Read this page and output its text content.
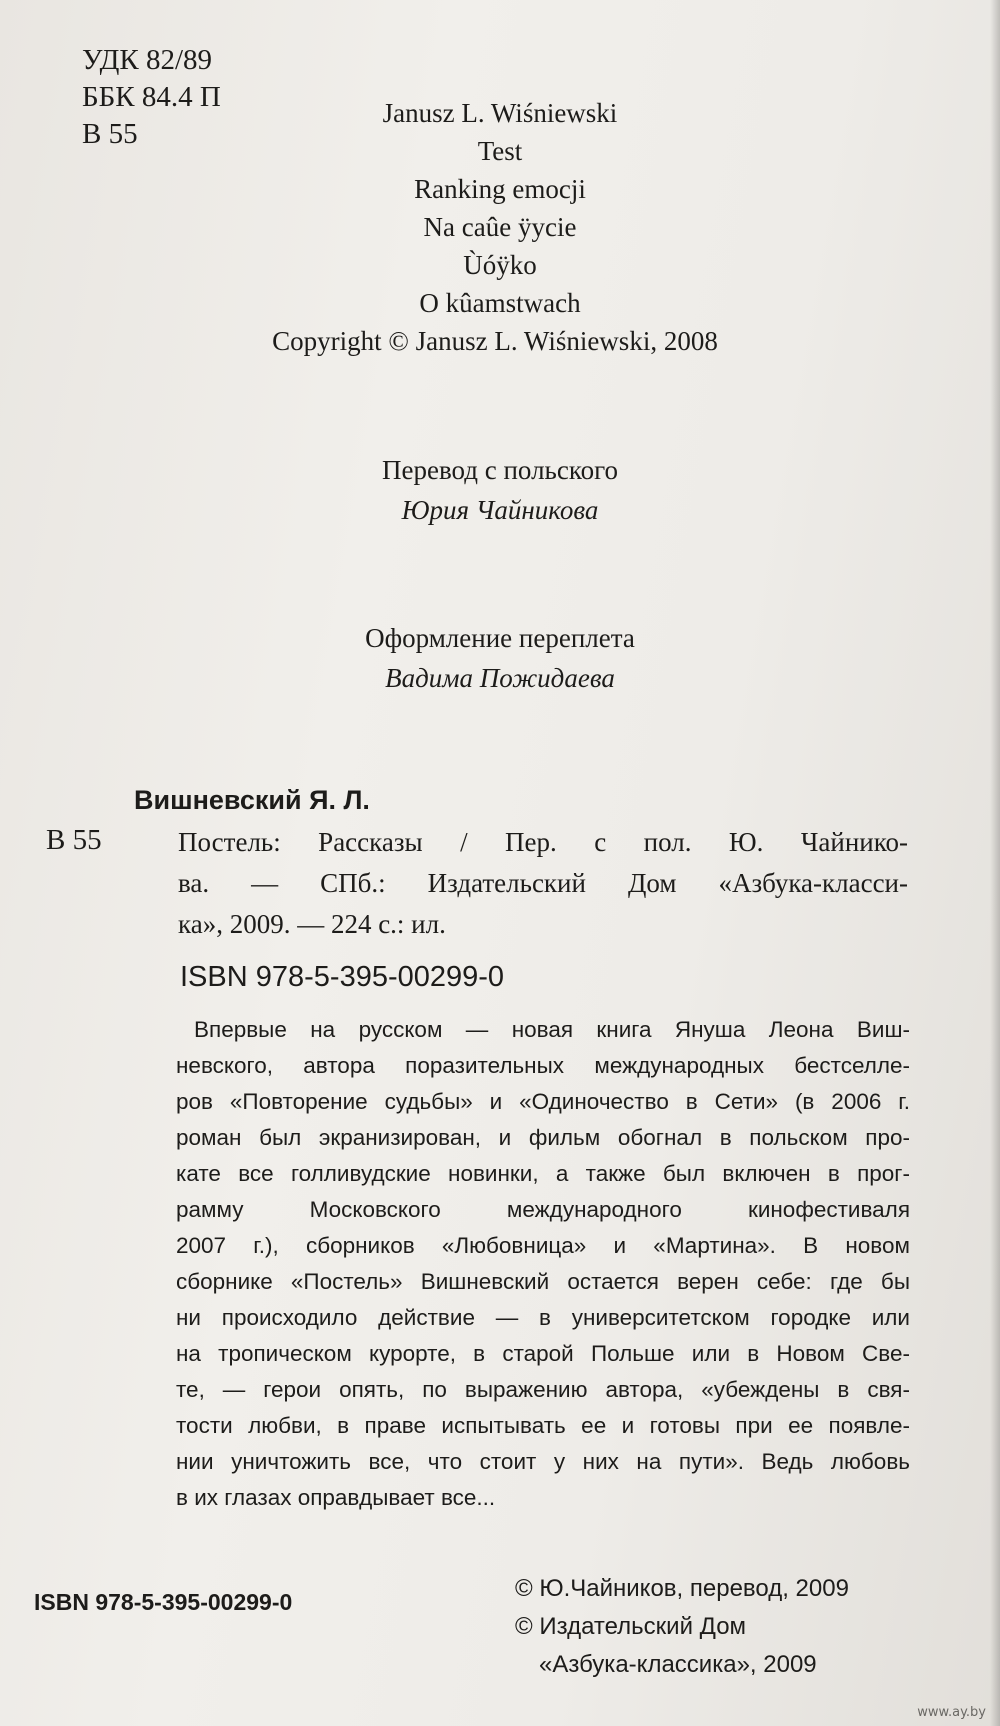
УДК 82/89
ББК 84.4 П
В 55
Janusz L. Wiśniewski
Test
Ranking emocji
Na caûe ÿycie
Ùóÿko
O kûamstwach
Copyright © Janusz L. Wiśniewski, 2008
Перевод с польского
Юрия Чайникова
Оформление переплета
Вадима Пожидаева
Вишневский Я. Л.
В 55	Постель: Рассказы / Пер. с пол. Ю. Чайнико-
ва. — СПб.: Издательский Дом «Азбука-класси-
ка», 2009. — 224 с.: ил.
ISBN 978-5-395-00299-0
Впервые на русском — новая книга Януша Леона Виш-
невского, автора поразительных международных бестселле-
ров «Повторение судьбы» и «Одиночество в Сети» (в 2006 г.
роман был экранизирован, и фильм обогнал в польском про-
кате все голливудские новинки, а также был включен в прог-
рамму Московского международного кинофестиваля
2007 г.), сборников «Любовница» и «Мартина». В новом
сборнике «Постель» Вишневский остается верен себе: где бы
ни происходило действие — в университетском городке или
на тропическом курорте, в старой Польше или в Новом Све-
те, — герои опять, по выражению автора, «убеждены в свя-
тости любви, в праве испытывать ее и готовы при ее появле-
нии уничтожить все, что стоит у них на пути». Ведь любовь
в их глазах оправдывает все...
ISBN 978-5-395-00299-0	© Ю.Чайников, перевод, 2009
© Издательский Дом
«Азбука-классика», 2009
www.ay.by
